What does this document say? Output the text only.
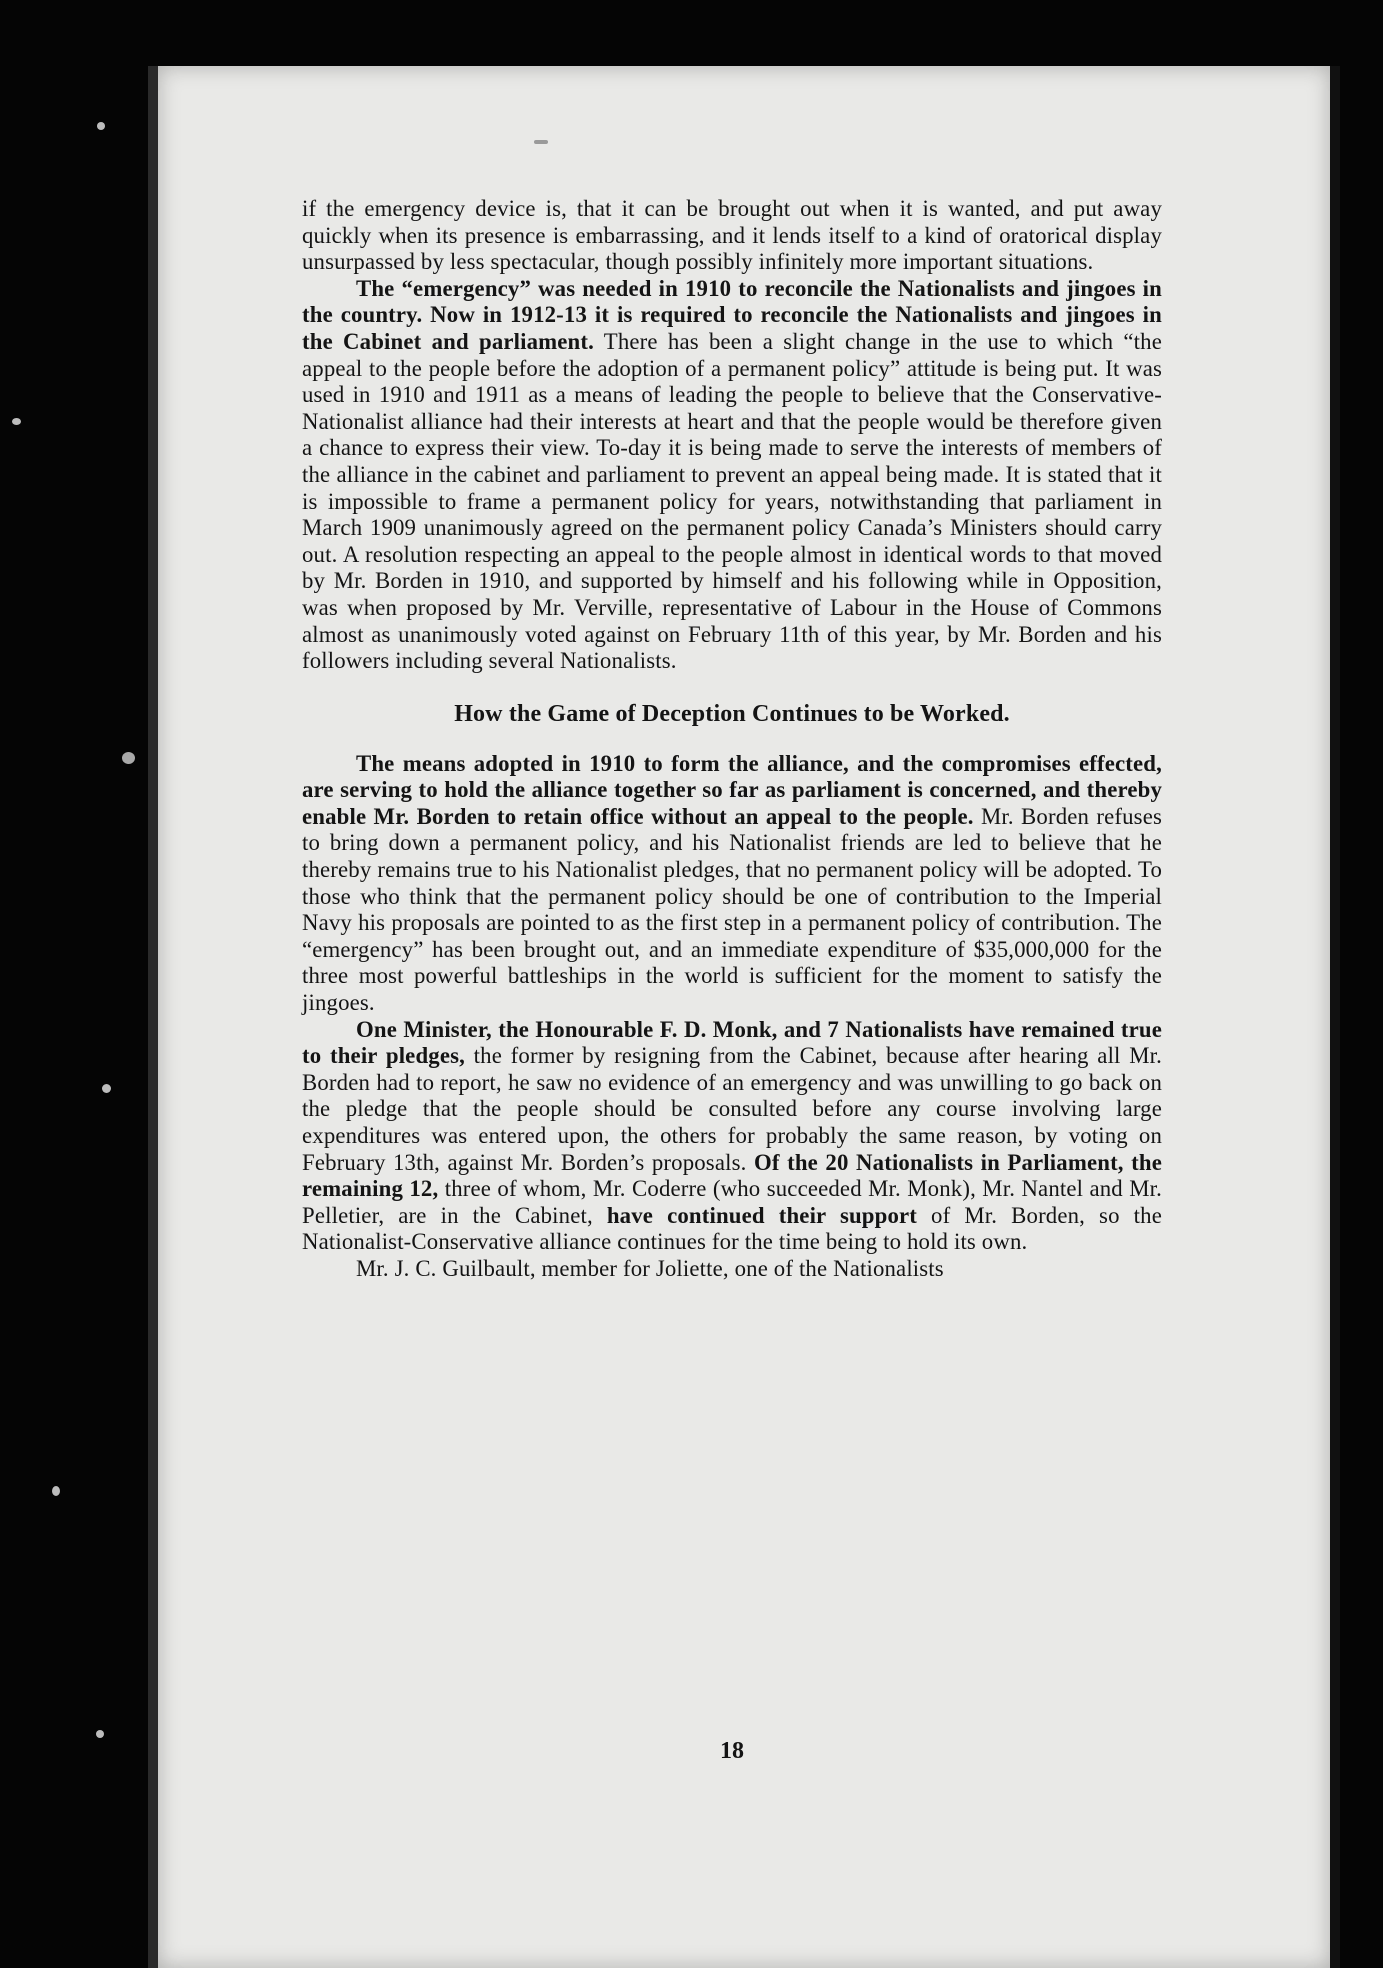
if the emergency device is, that it can be brought out when it is wanted, and put away quickly when its presence is embarrassing, and it lends itself to a kind of oratorical display unsurpassed by less spectacular, though possibly infinitely more important situations.

The “emergency” was needed in 1910 to reconcile the Nationalists and jingoes in the country. Now in 1912-13 it is required to reconcile the Nationalists and jingoes in the Cabinet and parliament. There has been a slight change in the use to which “the appeal to the people before the adoption of a permanent policy” attitude is being put. It was used in 1910 and 1911 as a means of leading the people to believe that the Conservative-Nationalist alliance had their interests at heart and that the people would be therefore given a chance to express their view. To-day it is being made to serve the interests of members of the alliance in the cabinet and parliament to prevent an appeal being made. It is stated that it is impossible to frame a permanent policy for years, notwithstanding that parliament in March 1909 unanimously agreed on the permanent policy Canada’s Ministers should carry out. A resolution respecting an appeal to the people almost in identical words to that moved by Mr. Borden in 1910, and supported by himself and his following while in Opposition, was when proposed by Mr. Verville, representative of Labour in the House of Commons almost as unanimously voted against on February 11th of this year, by Mr. Borden and his followers including several Nationalists.

How the Game of Deception Continues to be Worked.

The means adopted in 1910 to form the alliance, and the compromises effected, are serving to hold the alliance together so far as parliament is concerned, and thereby enable Mr. Borden to retain office without an appeal to the people. Mr. Borden refuses to bring down a permanent policy, and his Nationalist friends are led to believe that he thereby remains true to his Nationalist pledges, that no permanent policy will be adopted. To those who think that the permanent policy should be one of contribution to the Imperial Navy his proposals are pointed to as the first step in a permanent policy of contribution. The “emergency” has been brought out, and an immediate expenditure of $35,000,000 for the three most powerful battleships in the world is sufficient for the moment to satisfy the jingoes.

One Minister, the Honourable F. D. Monk, and 7 Nationalists have remained true to their pledges, the former by resigning from the Cabinet, because after hearing all Mr. Borden had to report, he saw no evidence of an emergency and was unwilling to go back on the pledge that the people should be consulted before any course involving large expenditures was entered upon, the others for probably the same reason, by voting on February 13th, against Mr. Borden’s proposals. Of the 20 Nationalists in Parliament, the remaining 12, three of whom, Mr. Coderre (who succeeded Mr. Monk), Mr. Nantel and Mr. Pelletier, are in the Cabinet, have continued their support of Mr. Borden, so the Nationalist-Conservative alliance continues for the time being to hold its own.

Mr. J. C. Guilbault, member for Joliette, one of the Nationalists

18
